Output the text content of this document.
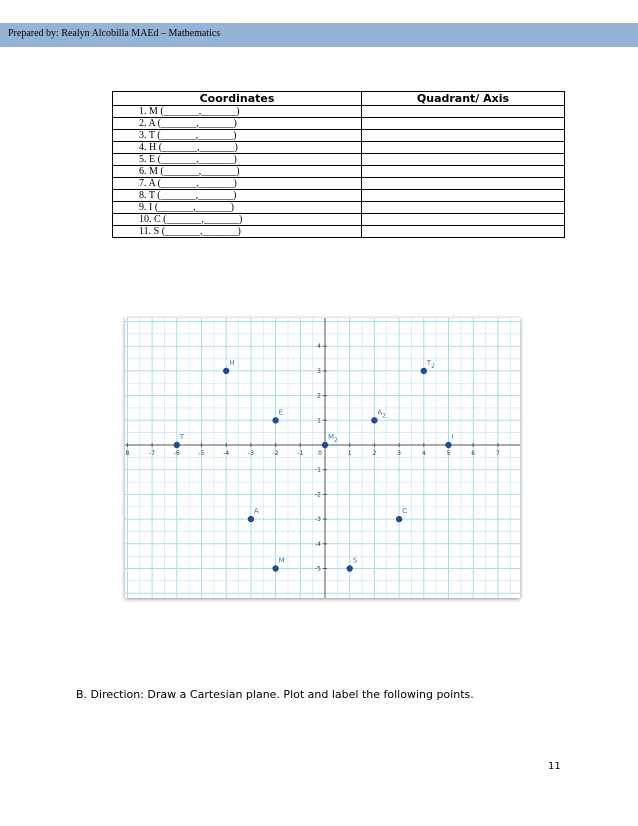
Prepared by: Realyn Alcobilla MAEd – Mathematics
Coordinates	Quadrant/ Axis
1. M (_______,_______)	
2. A (_______,_______)	
3. T (_______,_______)	
4. H (_______,_______)	
5. E (_______,_______)	
6. M (_______,_______)	
7. A (_______,_______)	
8. T (_______,_______)	
9. I (_______,_______)	
10. C (_______,_______)	
11. S (_______,_______)	
8	-7	-6	-5	-4	-3	-2	-1 0	1	2	3	4	5	6	7
-5
-4
-3
-2
-1
1
2
3
4
H	T2
E	A2
T	M2	I
A	C
M	S
B. Direction: Draw a Cartesian plane. Plot and label the following points.
11
